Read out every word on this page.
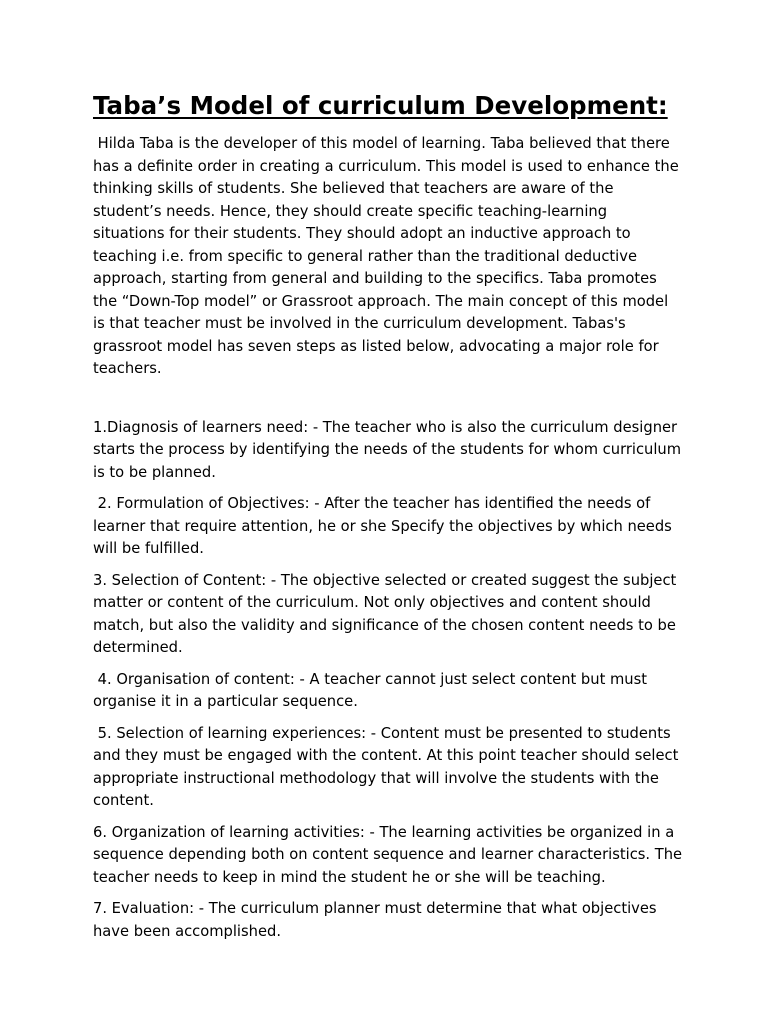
Taba’s Model of curriculum Development:

Hilda Taba is the developer of this model of learning. Taba believed that there has a definite order in creating a curriculum. This model is used to enhance the thinking skills of students. She believed that teachers are aware of the student’s needs. Hence, they should create specific teaching-learning situations for their students. They should adopt an inductive approach to teaching i.e. from specific to general rather than the traditional deductive approach, starting from general and building to the specifics. Taba promotes the “Down-Top model” or Grassroot approach. The main concept of this model is that teacher must be involved in the curriculum development. Tabas's grassroot model has seven steps as listed below, advocating a major role for teachers.

1.Diagnosis of learners need: - The teacher who is also the curriculum designer starts the process by identifying the needs of the students for whom curriculum is to be planned.

2. Formulation of Objectives: - After the teacher has identified the needs of learner that require attention, he or she Specify the objectives by which needs will be fulfilled.

3. Selection of Content: - The objective selected or created suggest the subject matter or content of the curriculum. Not only objectives and content should match, but also the validity and significance of the chosen content needs to be determined.

4. Organisation of content: - A teacher cannot just select content but must organise it in a particular sequence.

5. Selection of learning experiences: - Content must be presented to students and they must be engaged with the content. At this point teacher should select appropriate instructional methodology that will involve the students with the content.

6. Organization of learning activities: - The learning activities be organized in a sequence depending both on content sequence and learner characteristics. The teacher needs to keep in mind the student he or she will be teaching.

7. Evaluation: - The curriculum planner must determine that what objectives have been accomplished.
